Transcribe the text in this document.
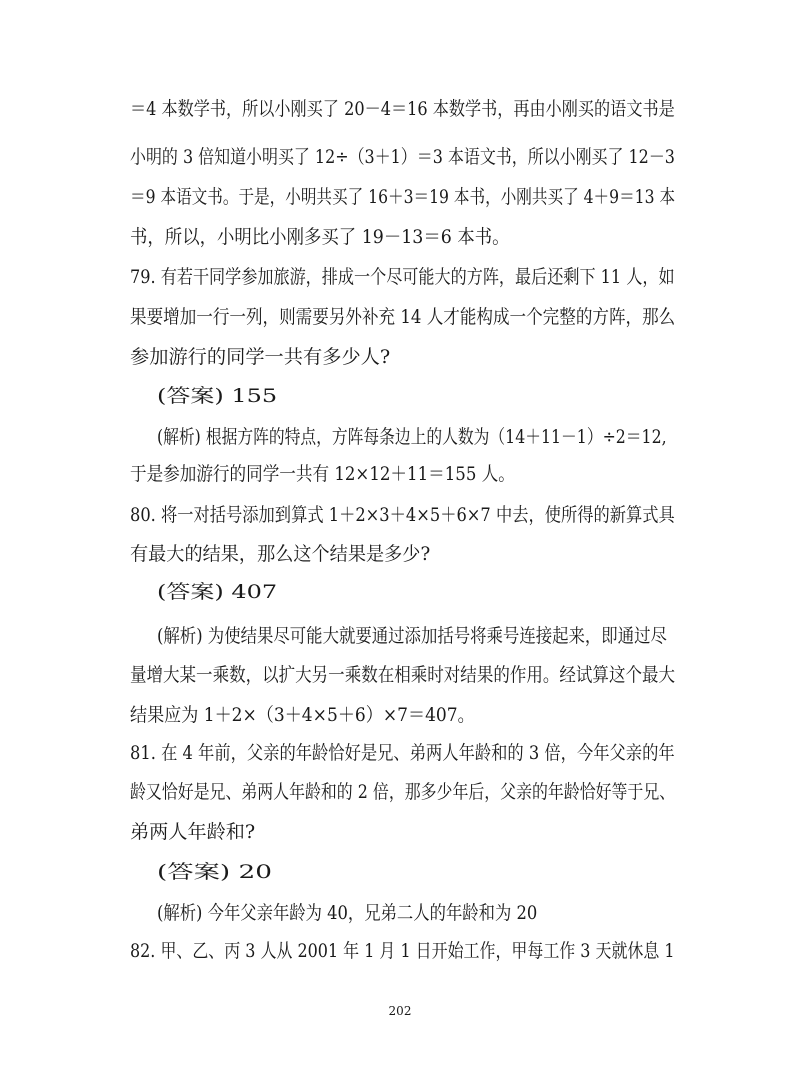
＝4 本数学书，所以小刚买了 20－4＝16 本数学书，再由小刚买的语文书是
小明的 3 倍知道小明买了 12÷（3＋1）＝3 本语文书，所以小刚买了 12－3
＝9 本语文书。于是，小明共买了 16＋3＝19 本书，小刚共买了 4＋9＝13 本
书，所以，小明比小刚多买了 19－13＝6 本书。
79. 有若干同学参加旅游，排成一个尽可能大的方阵，最后还剩下 11 人，如
果要增加一行一列，则需要另外补充 14 人才能构成一个完整的方阵，那么
参加游行的同学一共有多少人?
(答案) 155
(解析) 根据方阵的特点，方阵每条边上的人数为（14＋11－1）÷2＝12,
于是参加游行的同学一共有 12×12＋11＝155 人。
80. 将一对括号添加到算式 1＋2×3＋4×5＋6×7 中去，使所得的新算式具
有最大的结果，那么这个结果是多少?
(答案) 407
(解析) 为使结果尽可能大就要通过添加括号将乘号连接起来，即通过尽
量增大某一乘数，以扩大另一乘数在相乘时对结果的作用。经试算这个最大
结果应为 1＋2×（3＋4×5＋6）×7＝407。
81. 在 4 年前，父亲的年龄恰好是兄、弟两人年龄和的 3 倍，今年父亲的年
龄又恰好是兄、弟两人年龄和的 2 倍，那多少年后，父亲的年龄恰好等于兄、
弟两人年龄和?
(答案) 20
(解析) 今年父亲年龄为 40，兄弟二人的年龄和为 20
82. 甲、乙、丙 3 人从 2001 年 1 月 1 日开始工作，甲每工作 3 天就休息 1
202
